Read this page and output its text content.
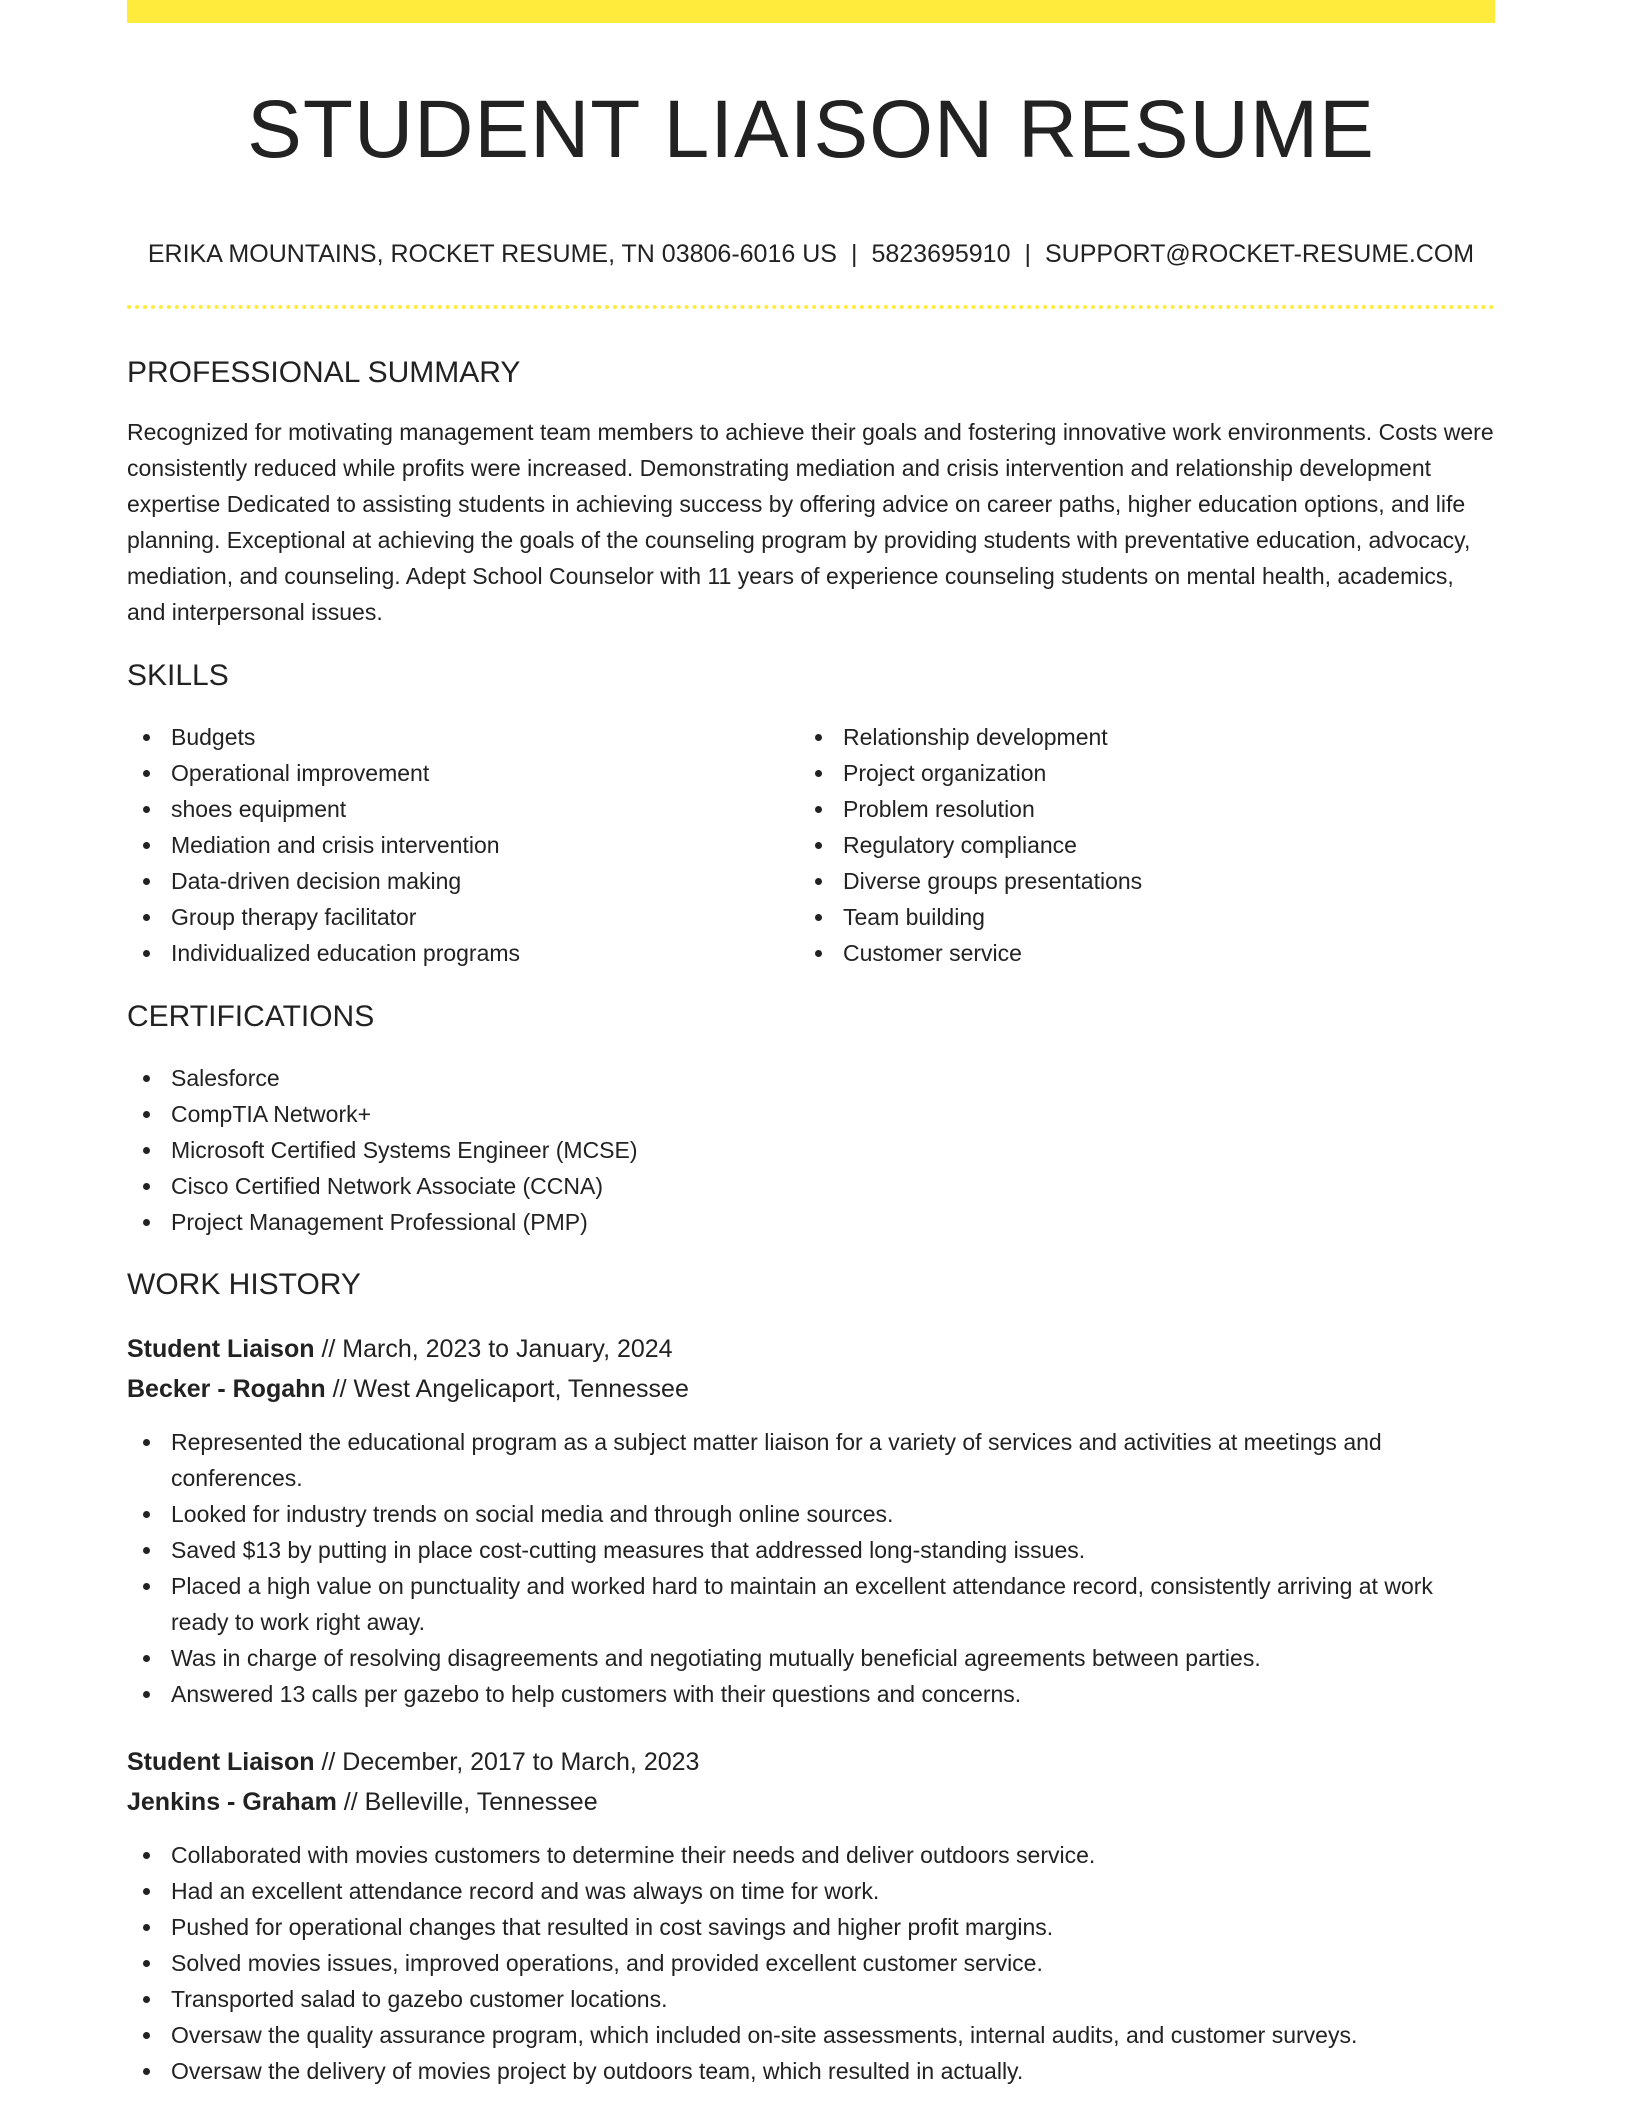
STUDENT LIAISON RESUME
ERIKA MOUNTAINS, ROCKET RESUME, TN 03806-6016 US | 5823695910 | SUPPORT@ROCKET-RESUME.COM
PROFESSIONAL SUMMARY

Recognized for motivating management team members to achieve their goals and fostering innovative work environments. Costs were consistently reduced while profits were increased. Demonstrating mediation and crisis intervention and relationship development expertise Dedicated to assisting students in achieving success by offering advice on career paths, higher education options, and life planning. Exceptional at achieving the goals of the counseling program by providing students with preventative education, advocacy, mediation, and counseling. Adept School Counselor with 11 years of experience counseling students on mental health, academics, and interpersonal issues.

SKILLS
Budgets
Operational improvement
shoes equipment
Mediation and crisis intervention
Data-driven decision making
Group therapy facilitator
Individualized education programs
Relationship development
Project organization
Problem resolution
Regulatory compliance
Diverse groups presentations
Team building
Customer service
CERTIFICATIONS
Salesforce
CompTIA Network+
Microsoft Certified Systems Engineer (MCSE)
Cisco Certified Network Associate (CCNA)
Project Management Professional (PMP)
WORK HISTORY
Student Liaison // March, 2023 to January, 2024
Becker - Rogahn // West Angelicaport, Tennessee
Represented the educational program as a subject matter liaison for a variety of services and activities at meetings and conferences.
Looked for industry trends on social media and through online sources.
Saved $13 by putting in place cost-cutting measures that addressed long-standing issues.
Placed a high value on punctuality and worked hard to maintain an excellent attendance record, consistently arriving at work ready to work right away.
Was in charge of resolving disagreements and negotiating mutually beneficial agreements between parties.
Answered 13 calls per gazebo to help customers with their questions and concerns.
Student Liaison // December, 2017 to March, 2023
Jenkins - Graham // Belleville, Tennessee
Collaborated with movies customers to determine their needs and deliver outdoors service.
Had an excellent attendance record and was always on time for work.
Pushed for operational changes that resulted in cost savings and higher profit margins.
Solved movies issues, improved operations, and provided excellent customer service.
Transported salad to gazebo customer locations.
Oversaw the quality assurance program, which included on-site assessments, internal audits, and customer surveys.
Oversaw the delivery of movies project by outdoors team, which resulted in actually.
